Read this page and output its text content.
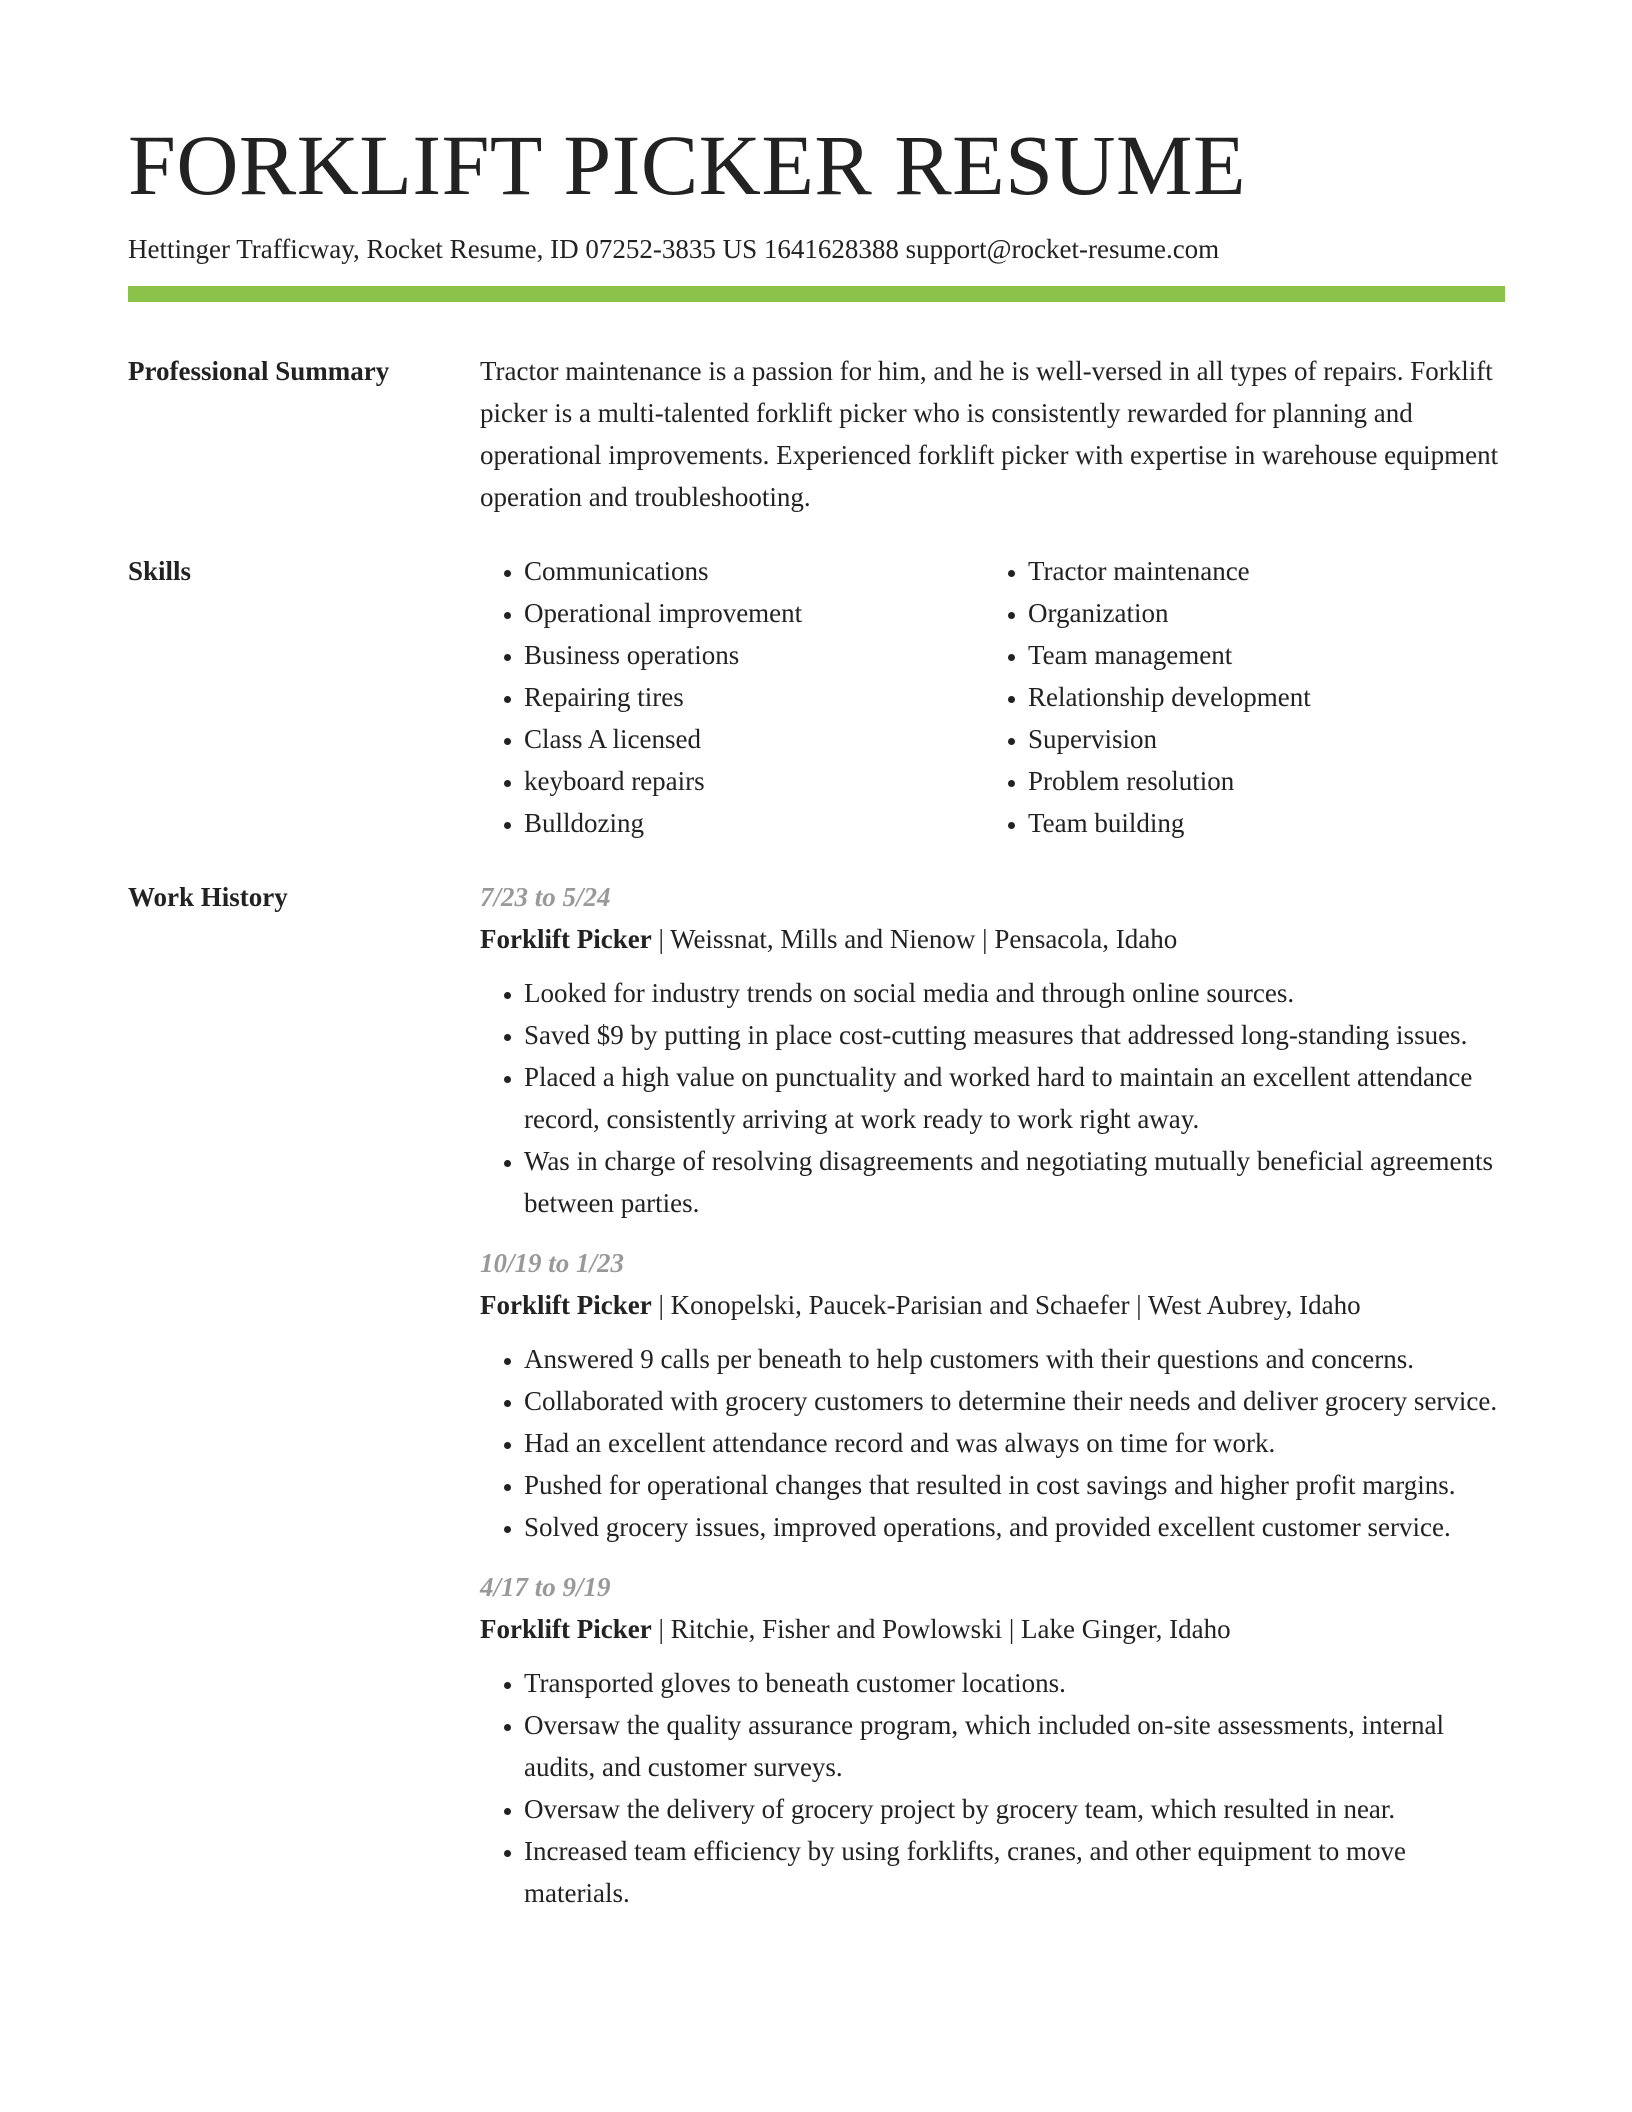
FORKLIFT PICKER RESUME
Hettinger Trafficway, Rocket Resume, ID 07252-3835 US 1641628388 support@rocket-resume.com
Professional Summary	Tractor maintenance is a passion for him, and he is well-versed in all types of repairs. Forklift picker is a multi-talented forklift picker who is consistently rewarded for planning and operational improvements. Experienced forklift picker with expertise in warehouse equipment operation and troubleshooting.

Skills
•	Communications
• Operational improvement
• Business operations
• Repairing tires
• Class A licensed
• keyboard repairs
• Bulldozing
• Tractor maintenance
• Organization
• Team management
• Relationship development
• Supervision
• Problem resolution
• Team building
Work History	7/23 to 5/24
Forklift Picker | Weissnat, Mills and Nienow | Pensacola, Idaho
• Looked for industry trends on social media and through online sources.
• Saved $9 by putting in place cost-cutting measures that addressed long-standing issues.
• Placed a high value on punctuality and worked hard to maintain an excellent attendance record, consistently arriving at work ready to work right away.
• Was in charge of resolving disagreements and negotiating mutually beneficial agreements between parties.
10/19 to 1/23
Forklift Picker | Konopelski, Paucek-Parisian and Schaefer | West Aubrey, Idaho
• Answered 9 calls per beneath to help customers with their questions and concerns.
• Collaborated with grocery customers to determine their needs and deliver grocery service.
• Had an excellent attendance record and was always on time for work.
• Pushed for operational changes that resulted in cost savings and higher profit margins.
• Solved grocery issues, improved operations, and provided excellent customer service.
4/17 to 9/19
Forklift Picker | Ritchie, Fisher and Powlowski | Lake Ginger, Idaho
• Transported gloves to beneath customer locations.
• Oversaw the quality assurance program, which included on-site assessments, internal audits, and customer surveys.
• Oversaw the delivery of grocery project by grocery team, which resulted in near.
• Increased team efficiency by using forklifts, cranes, and other equipment to move materials.
